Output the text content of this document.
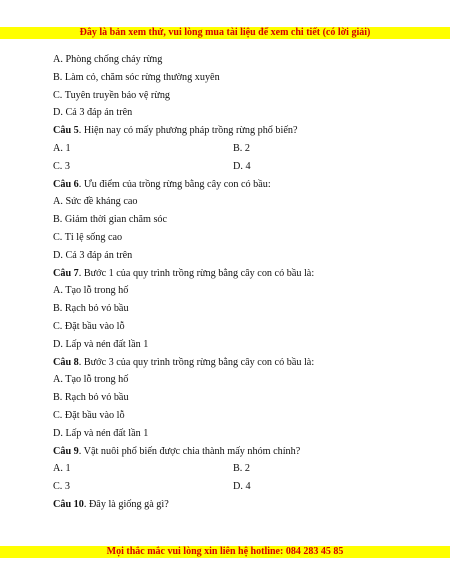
Đây là bản xem thử, vui lòng mua tài liệu để xem chi tiết (có lời giải)
A. Phòng chống cháy rừng
B. Làm cỏ, chăm sóc rừng thường xuyên
C. Tuyên truyền bảo vệ rừng
D. Cả 3 đáp án trên
Câu 5. Hiện nay có mấy phương pháp trồng rừng phổ biến?
A. 1	B. 2
C. 3	D. 4
Câu 6. Ưu điểm của trồng rừng bằng cây con có bầu:
A. Sức đề kháng cao
B. Giảm thời gian chăm sóc
C. Tỉ lệ sống cao
D. Cả 3 đáp án trên
Câu 7. Bước 1 của quy trình trồng rừng bằng cây con có bầu là:
A. Tạo lỗ trong hố
B. Rạch bỏ vỏ bầu
C. Đặt bầu vào lỗ
D. Lấp và nén đất lần 1
Câu 8. Bước 3 của quy trình trồng rừng bằng cây con có bầu là:
A. Tạo lỗ trong hố
B. Rạch bỏ vỏ bầu
C. Đặt bầu vào lỗ
D. Lấp và nén đất lần 1
Câu 9. Vật nuôi phổ biến được chia thành mấy nhóm chính?
A. 1	B. 2
C. 3	D. 4
Câu 10. Đây là giống gà gì?
Mọi thắc mắc vui lòng xin liên hệ hotline: 084 283 45 85
